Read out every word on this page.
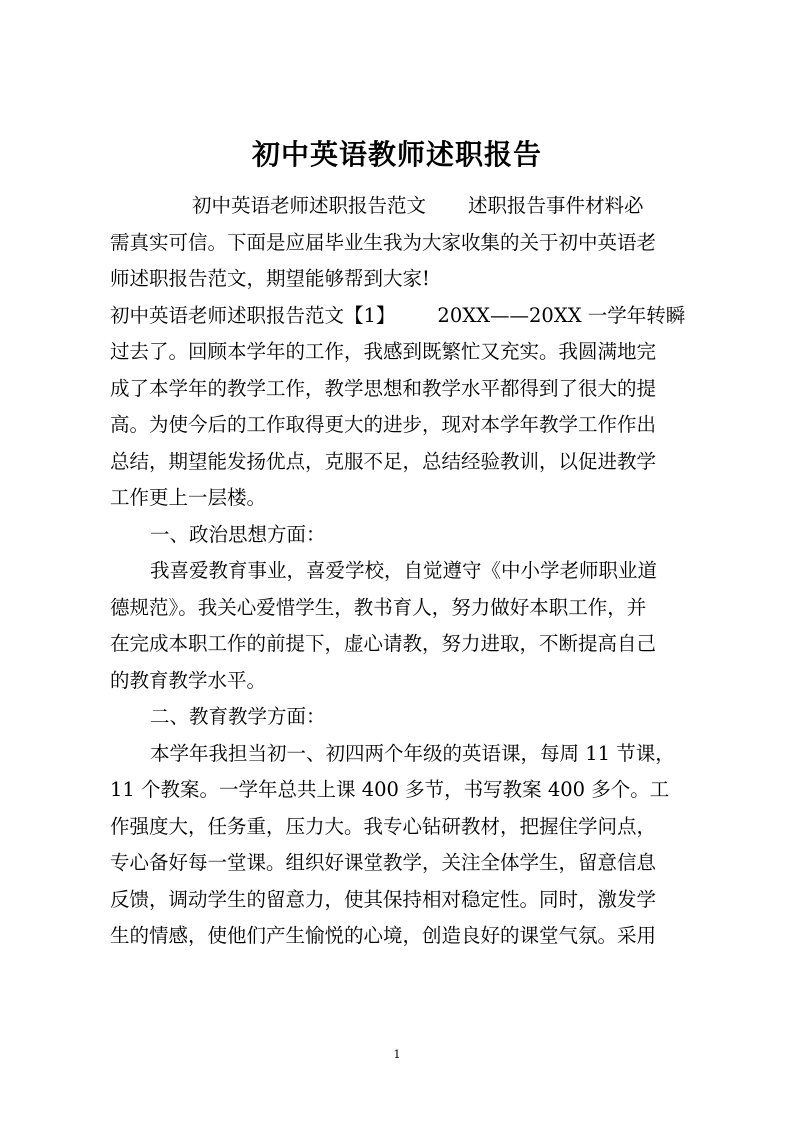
初中英语教师述职报告
初中英语老师述职报告范文 述职报告事件材料必
需真实可信。下面是应届毕业生我为大家收集的关于初中英语老
师述职报告范文，期望能够帮到大家!
初中英语老师述职报告范文【1】 20XX——20XX 一学年转瞬
过去了。回顾本学年的工作，我感到既繁忙又充实。我圆满地完
成了本学年的教学工作，教学思想和教学水平都得到了很大的提
高。为使今后的工作取得更大的进步，现对本学年教学工作作出
总结，期望能发扬优点，克服不足，总结经验教训，以促进教学
工作更上一层楼。
一、政治思想方面：
我喜爱教育事业，喜爱学校，自觉遵守《中小学老师职业道
德规范》。我关心爱惜学生，教书育人，努力做好本职工作，并
在完成本职工作的前提下，虚心请教，努力进取，不断提高自己
的教育教学水平。
二、教育教学方面：
本学年我担当初一、初四两个年级的英语课，每周 11 节课，
11 个教案。一学年总共上课 400 多节，书写教案 400 多个。工
作强度大，任务重，压力大。我专心钻研教材，把握住学问点，
专心备好每一堂课。组织好课堂教学，关注全体学生，留意信息
反馈，调动学生的留意力，使其保持相对稳定性。同时，激发学
生的情感，使他们产生愉悦的心境，创造良好的课堂气氛。采用
1
